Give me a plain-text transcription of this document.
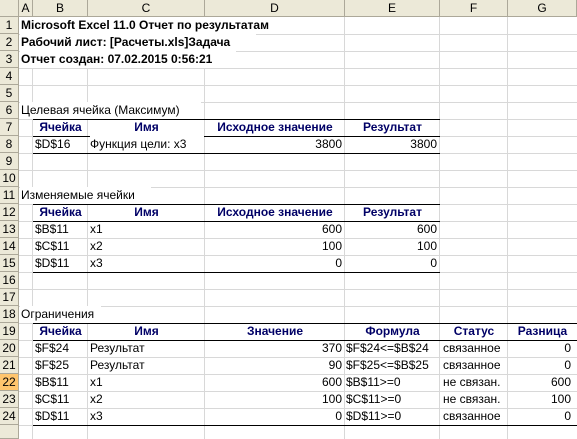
A	B	C	D	E	F	G
1
2
3
4
5
6
7
8
9
10
11
12
13
14
15
16
17
18
19
20
21
22
23
24
Microsoft Excel 11.0 Отчет по результатам
Рабочий лист: [Расчеты.xls]Задача
Отчет создан: 07.02.2015 0:56:21
Целевая ячейка (Максимум)
Ячейка	Имя	Исходное значение	Результат
$D$16	Функция цели: x3	3800	3800
Изменяемые ячейки
Ячейка	Имя	Исходное значение	Результат
$B$11	x1	600	600
$C$11	x2	100	100
$D$11	x3	0	0
Ограничения
Ячейка	Имя	Значение	Формула	Статус	Разница
$F$24	Результат	370 $F$24<=$B$24	связанное	0
$F$25	Результат	90 $F$25<=$B$25	связанное	0
$B$11	x1	600 $B$11>=0	не связан.	600
$C$11	x2	100 $C$11>=0	не связан.	100
$D$11	x3	0 $D$11>=0	связанное	0
